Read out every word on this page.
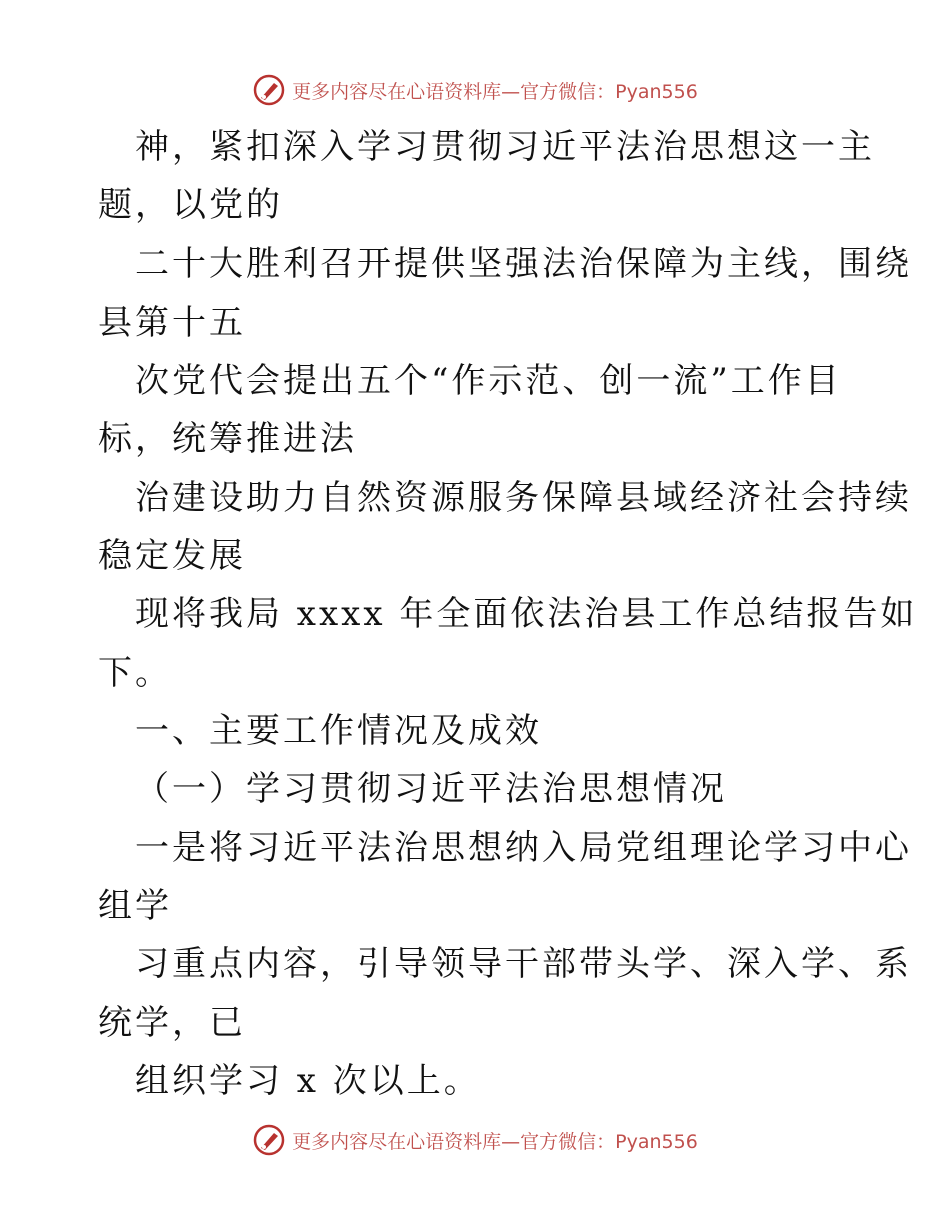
更多内容尽在心语资料库—官方微信：Pyan556
神，紧扣深入学习贯彻习近平法治思想这一主
题，以党的
二十大胜利召开提供坚强法治保障为主线，围绕
县第十五
次党代会提出五个“作示范、创一流”工作目
标，统筹推进法
治建设助力自然资源服务保障县域经济社会持续
稳定发展
现将我局 xxxx 年全面依法治县工作总结报告如
下。
一、主要工作情况及成效
（一）学习贯彻习近平法治思想情况
一是将习近平法治思想纳入局党组理论学习中心
组学
习重点内容，引导领导干部带头学、深入学、系
统学，已
组织学习 x 次以上。
更多内容尽在心语资料库—官方微信：Pyan556
